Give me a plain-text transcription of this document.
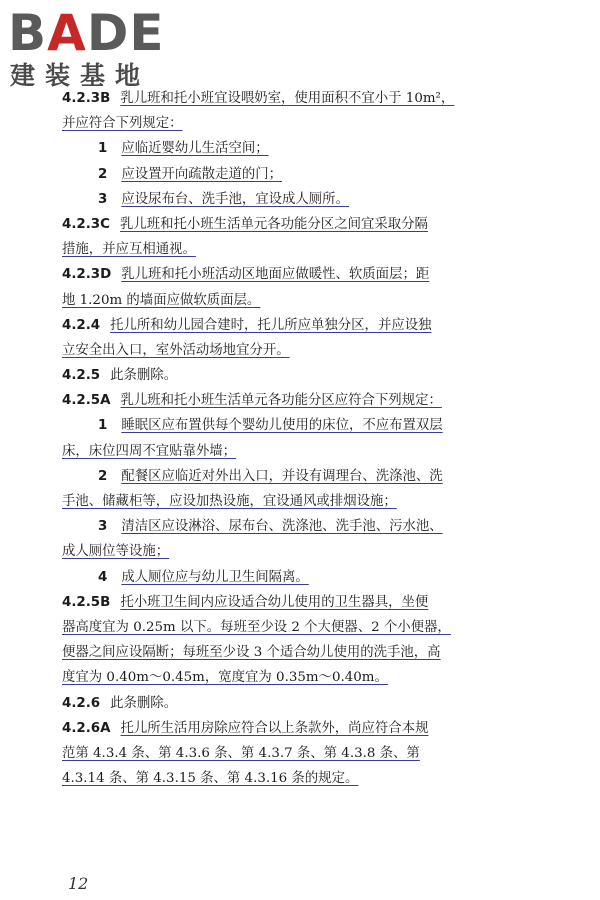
BADE
建装基地
4.2.3B 乳儿班和托小班宜设喂奶室，使用面积不宜小于 10m²，
并应符合下列规定：
1 应临近婴幼儿生活空间；
2 应设置开向疏散走道的门；
3 应设尿布台、洗手池，宜设成人厕所。
4.2.3C 乳儿班和托小班生活单元各功能分区之间宜采取分隔
措施，并应互相通视。
4.2.3D 乳儿班和托小班活动区地面应做暖性、软质面层；距
地 1.20m 的墙面应做软质面层。
4.2.4 托儿所和幼儿园合建时，托儿所应单独分区，并应设独
立安全出入口，室外活动场地宜分开。
4.2.5 此条删除。
4.2.5A 乳儿班和托小班生活单元各功能分区应符合下列规定：
1 睡眠区应布置供每个婴幼儿使用的床位，不应布置双层
床，床位四周不宜贴靠外墙；
2 配餐区应临近对外出入口，并设有调理台、洗涤池、洗
手池、储藏柜等，应设加热设施，宜设通风或排烟设施；
3 清洁区应设淋浴、尿布台、洗涤池、洗手池、污水池、
成人厕位等设施；
4 成人厕位应与幼儿卫生间隔离。
4.2.5B 托小班卫生间内应设适合幼儿使用的卫生器具，坐便
器高度宜为 0.25m 以下。每班至少设 2 个大便器、2 个小便器，
便器之间应设隔断；每班至少设 3 个适合幼儿使用的洗手池，高
度宜为 0.40m～0.45m，宽度宜为 0.35m～0.40m。
4.2.6 此条删除。
4.2.6A 托儿所生活用房除应符合以上条款外，尚应符合本规
范第 4.3.4 条、第 4.3.6 条、第 4.3.7 条、第 4.3.8 条、第
4.3.14 条、第 4.3.15 条、第 4.3.16 条的规定。
12
